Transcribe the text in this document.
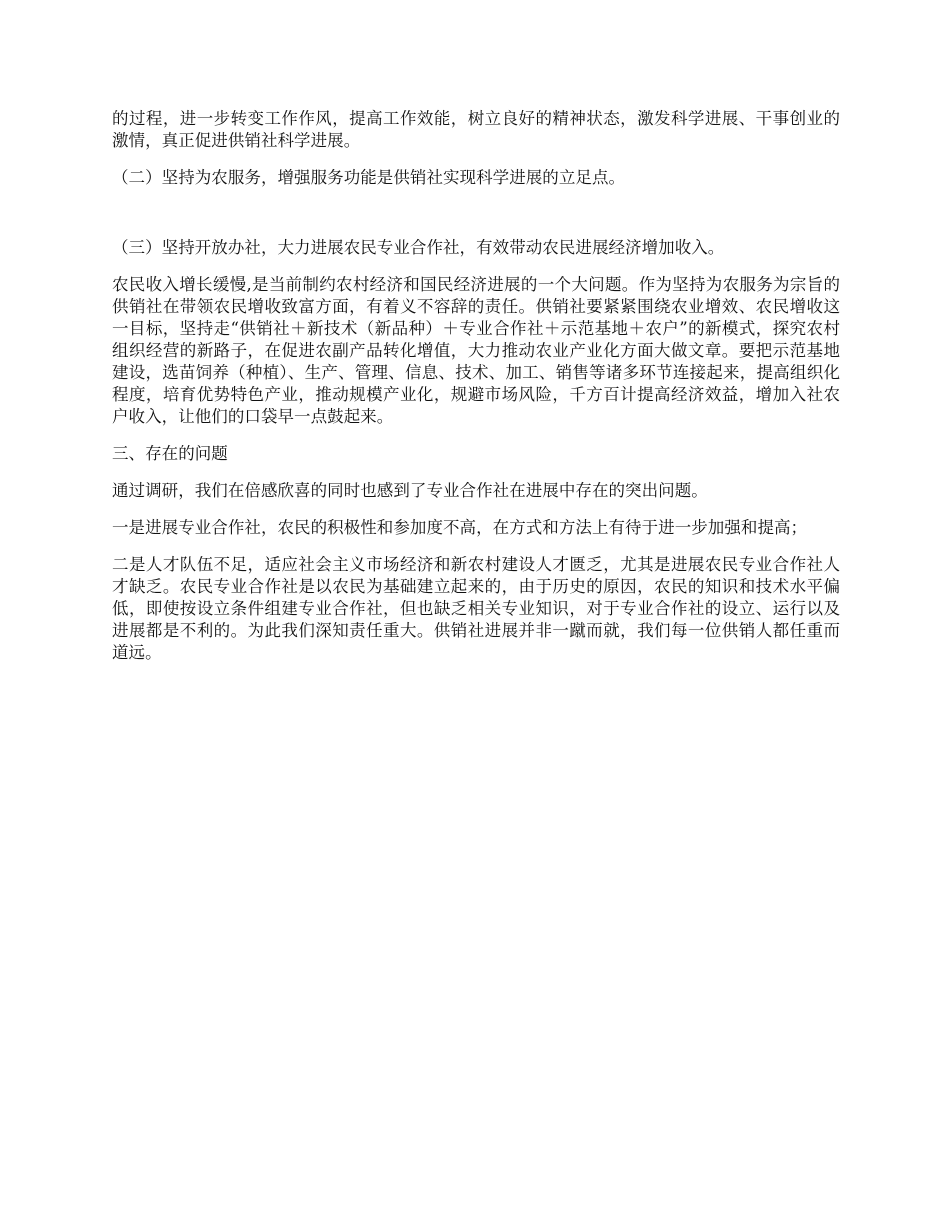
的过程，进一步转变工作作风，提高工作效能，树立良好的精神状态，激发科学进展、干事创业的激情，真正促进供销社科学进展。

（二）坚持为农服务，增强服务功能是供销社实现科学进展的立足点。

（三）坚持开放办社，大力进展农民专业合作社，有效带动农民进展经济增加收入。

农民收入增长缓慢,是当前制约农村经济和国民经济进展的一个大问题。作为坚持为农服务为宗旨的供销社在带领农民增收致富方面，有着义不容辞的责任。供销社要紧紧围绕农业增效、农民增收这一目标，坚持走“供销社＋新技术（新品种）＋专业合作社＋示范基地＋农户”的新模式，探究农村组织经营的新路子，在促进农副产品转化增值，大力推动农业产业化方面大做文章。要把示范基地建设，选苗饲养（种植）、生产、管理、信息、技术、加工、销售等诸多环节连接起来，提高组织化程度，培育优势特色产业，推动规模产业化，规避市场风险，千方百计提高经济效益，增加入社农户收入，让他们的口袋早一点鼓起来。

三、存在的问题

通过调研，我们在倍感欣喜的同时也感到了专业合作社在进展中存在的突出问题。

一是进展专业合作社，农民的积极性和参加度不高，在方式和方法上有待于进一步加强和提高；

二是人才队伍不足，适应社会主义市场经济和新农村建设人才匮乏，尤其是进展农民专业合作社人才缺乏。农民专业合作社是以农民为基础建立起来的，由于历史的原因，农民的知识和技术水平偏低，即使按设立条件组建专业合作社，但也缺乏相关专业知识，对于专业合作社的设立、运行以及进展都是不利的。为此我们深知责任重大。供销社进展并非一蹴而就，我们每一位供销人都任重而道远。
